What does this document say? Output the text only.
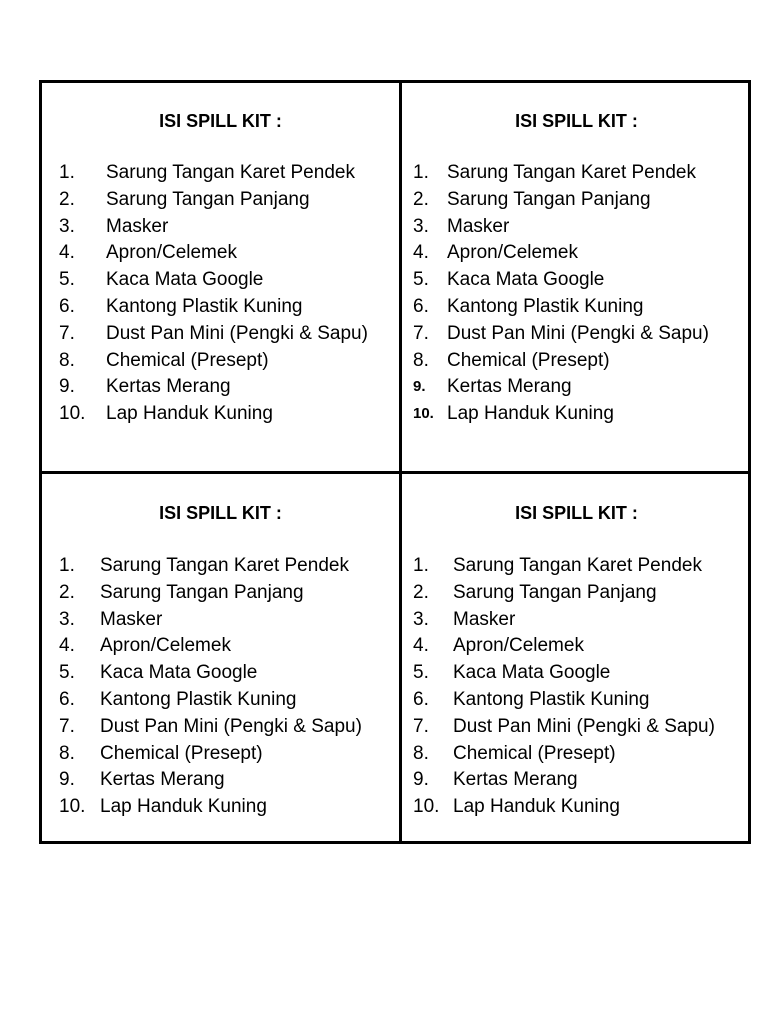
ISI SPILL KIT :
1. Sarung Tangan Karet Pendek
2. Sarung Tangan Panjang
3. Masker
4. Apron/Celemek
5. Kaca Mata Google
6. Kantong Plastik Kuning
7. Dust Pan Mini (Pengki & Sapu)
8. Chemical (Presept)
9. Kertas Merang
10. Lap Handuk Kuning
ISI SPILL KIT :
1. Sarung Tangan Karet Pendek
2. Sarung Tangan Panjang
3. Masker
4. Apron/Celemek
5. Kaca Mata Google
6. Kantong Plastik Kuning
7. Dust Pan Mini (Pengki & Sapu)
8. Chemical (Presept)
9. Kertas Merang
10. Lap Handuk Kuning
ISI SPILL KIT :
1. Sarung Tangan Karet Pendek
2. Sarung Tangan Panjang
3. Masker
4. Apron/Celemek
5. Kaca Mata Google
6. Kantong Plastik Kuning
7. Dust Pan Mini (Pengki & Sapu)
8. Chemical (Presept)
9. Kertas Merang
10. Lap Handuk Kuning
ISI SPILL KIT :
1. Sarung Tangan Karet Pendek
2. Sarung Tangan Panjang
3. Masker
4. Apron/Celemek
5. Kaca Mata Google
6. Kantong Plastik Kuning
7. Dust Pan Mini (Pengki & Sapu)
8. Chemical (Presept)
9. Kertas Merang
10. Lap Handuk Kuning
